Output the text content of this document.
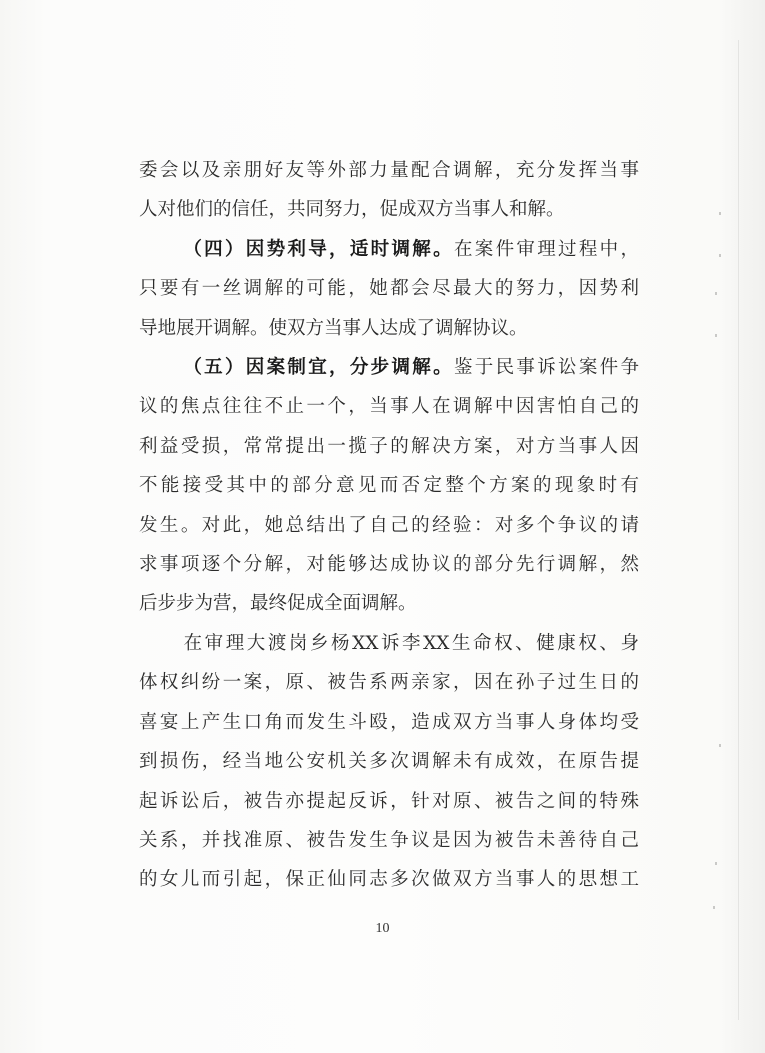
委会以及亲朋好友等外部力量配合调解，充分发挥当事

人对他们的信任，共同努力，促成双方当事人和解。

（四）因势利导，适时调解。在案件审理过程中，

只要有一丝调解的可能，她都会尽最大的努力，因势利

导地展开调解。使双方当事人达成了调解协议。

（五）因案制宜，分步调解。鉴于民事诉讼案件争

议的焦点往往不止一个，当事人在调解中因害怕自己的

利益受损，常常提出一揽子的解决方案，对方当事人因

不能接受其中的部分意见而否定整个方案的现象时有

发生。对此，她总结出了自己的经验：对多个争议的请

求事项逐个分解，对能够达成协议的部分先行调解，然

后步步为营，最终促成全面调解。

在审理大渡岗乡杨XX诉李XX生命权、健康权、身

体权纠纷一案，原、被告系两亲家，因在孙子过生日的

喜宴上产生口角而发生斗殴，造成双方当事人身体均受

到损伤，经当地公安机关多次调解未有成效，在原告提

起诉讼后，被告亦提起反诉，针对原、被告之间的特殊

关系，并找准原、被告发生争议是因为被告未善待自己

的女儿而引起，保正仙同志多次做双方当事人的思想工

10
